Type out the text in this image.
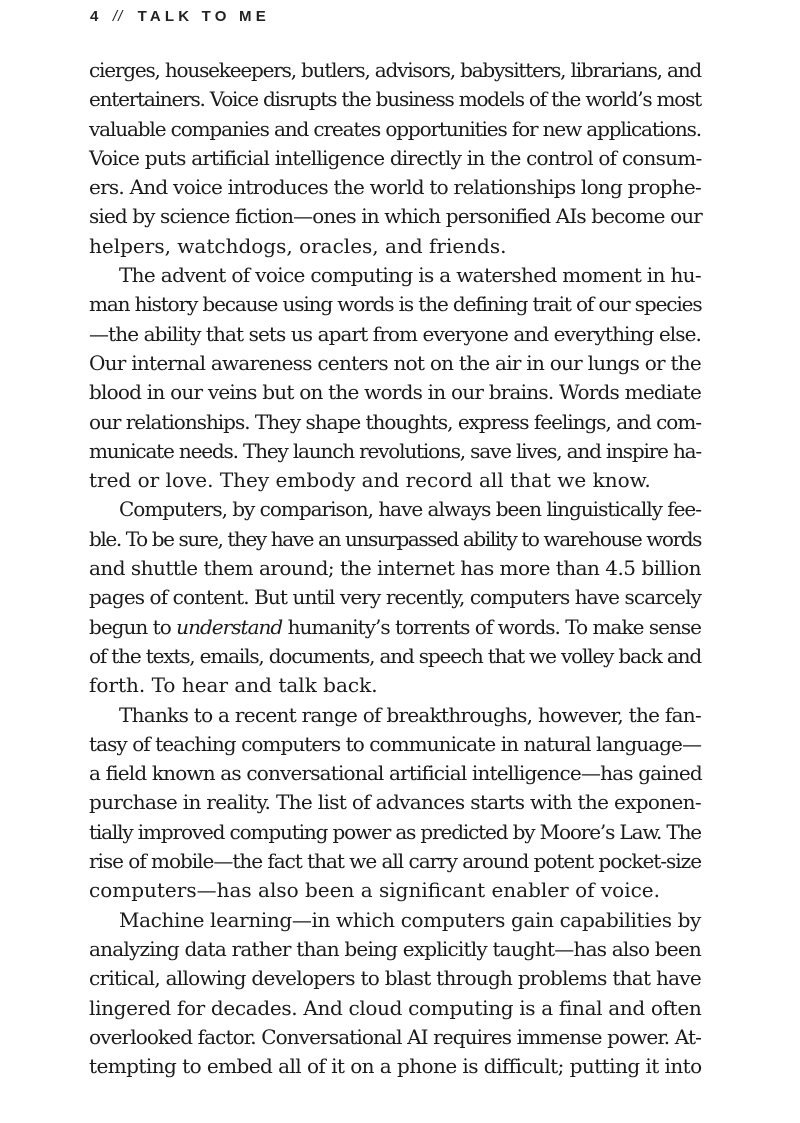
4 // TALK TO ME
cierges, housekeepers, butlers, advisors, babysitters, librarians, and
entertainers. Voice disrupts the business models of the world’s most
valuable companies and creates opportunities for new applications.
Voice puts artificial intelligence directly in the control of consum-
ers. And voice introduces the world to relationships long prophe-
sied by science fiction—ones in which personified AIs become our
helpers, watchdogs, oracles, and friends.
The advent of voice computing is a watershed moment in hu-
man history because using words is the defining trait of our species
—the ability that sets us apart from everyone and everything else.
Our internal awareness centers not on the air in our lungs or the
blood in our veins but on the words in our brains. Words mediate
our relationships. They shape thoughts, express feelings, and com-
municate needs. They launch revolutions, save lives, and inspire ha-
tred or love. They embody and record all that we know.
Computers, by comparison, have always been linguistically fee-
ble. To be sure, they have an unsurpassed ability to warehouse words
and shuttle them around; the internet has more than 4.5 billion
pages of content. But until very recently, computers have scarcely
begun to understand humanity’s torrents of words. To make sense
of the texts, emails, documents, and speech that we volley back and
forth. To hear and talk back.
Thanks to a recent range of breakthroughs, however, the fan-
tasy of teaching computers to communicate in natural language—
a field known as conversational artificial intelligence—has gained
purchase in reality. The list of advances starts with the exponen-
tially improved computing power as predicted by Moore’s Law. The
rise of mobile—the fact that we all carry around potent pocket-size
computers—has also been a significant enabler of voice.
Machine learning—in which computers gain capabilities by
analyzing data rather than being explicitly taught—has also been
critical, allowing developers to blast through problems that have
lingered for decades. And cloud computing is a final and often
overlooked factor. Conversational AI requires immense power. At-
tempting to embed all of it on a phone is difficult; putting it into
